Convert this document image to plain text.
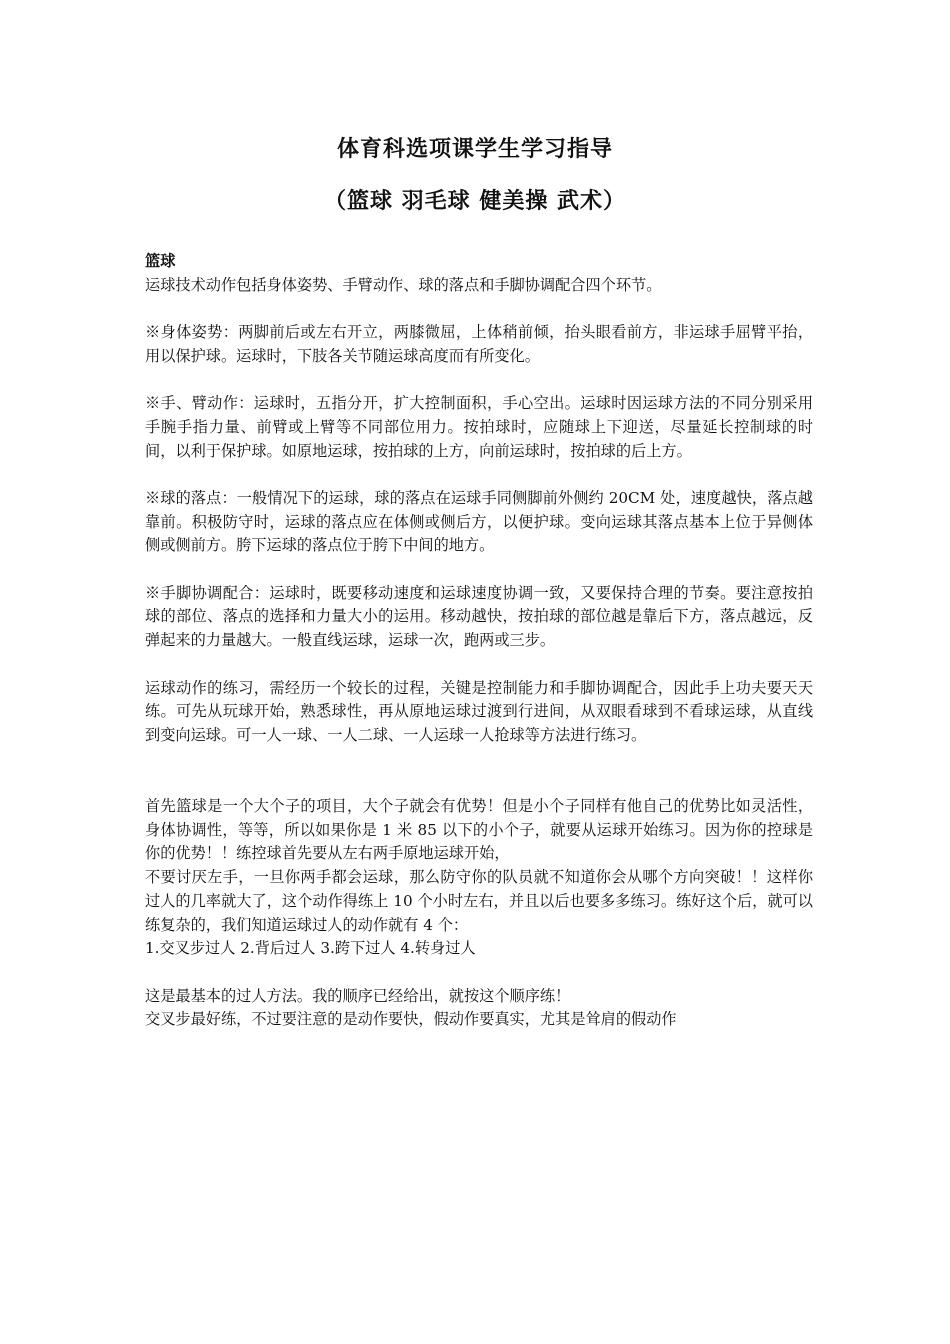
体育科选项课学生学习指导
（篮球 羽毛球 健美操 武术）

篮球

运球技术动作包括身体姿势、手臂动作、球的落点和手脚协调配合四个环节。

※身体姿势：两脚前后或左右开立，两膝微屈，上体稍前倾，抬头眼看前方，非运球手屈臂平抬，用以保护球。运球时，下肢各关节随运球高度而有所变化。

※手、臂动作：运球时，五指分开，扩大控制面积，手心空出。运球时因运球方法的不同分别采用手腕手指力量、前臂或上臂等不同部位用力。按拍球时，应随球上下迎送，尽量延长控制球的时间，以利于保护球。如原地运球，按拍球的上方，向前运球时，按拍球的后上方。

※球的落点：一般情况下的运球，球的落点在运球手同侧脚前外侧约 20CM 处，速度越快，落点越靠前。积极防守时，运球的落点应在体侧或侧后方，以便护球。变向运球其落点基本上位于异侧体侧或侧前方。胯下运球的落点位于胯下中间的地方。

※手脚协调配合：运球时，既要移动速度和运球速度协调一致，又要保持合理的节奏。要注意按拍球的部位、落点的选择和力量大小的运用。移动越快，按拍球的部位越是靠后下方，落点越远，反弹起来的力量越大。一般直线运球，运球一次，跑两或三步。

运球动作的练习，需经历一个较长的过程，关键是控制能力和手脚协调配合，因此手上功夫要天天练。可先从玩球开始，熟悉球性，再从原地运球过渡到行进间，从双眼看球到不看球运球，从直线到变向运球。可一人一球、一人二球、一人运球一人抢球等方法进行练习。

首先篮球是一个大个子的项目，大个子就会有优势！但是小个子同样有他自己的优势比如灵活性，身体协调性，等等，所以如果你是 1 米 85 以下的小个子，就要从运球开始练习。因为你的控球是你的优势！！练控球首先要从左右两手原地运球开始，

不要讨厌左手，一旦你两手都会运球，那么防守你的队员就不知道你会从哪个方向突破！！这样你过人的几率就大了，这个动作得练上 10 个小时左右，并且以后也要多多练习。练好这个后，就可以练复杂的，我们知道运球过人的动作就有 4 个：

1.交叉步过人 2.背后过人 3.跨下过人 4.转身过人

这是最基本的过人方法。我的顺序已经给出，就按这个顺序练！

交叉步最好练，不过要注意的是动作要快，假动作要真实，尤其是耸肩的假动作
